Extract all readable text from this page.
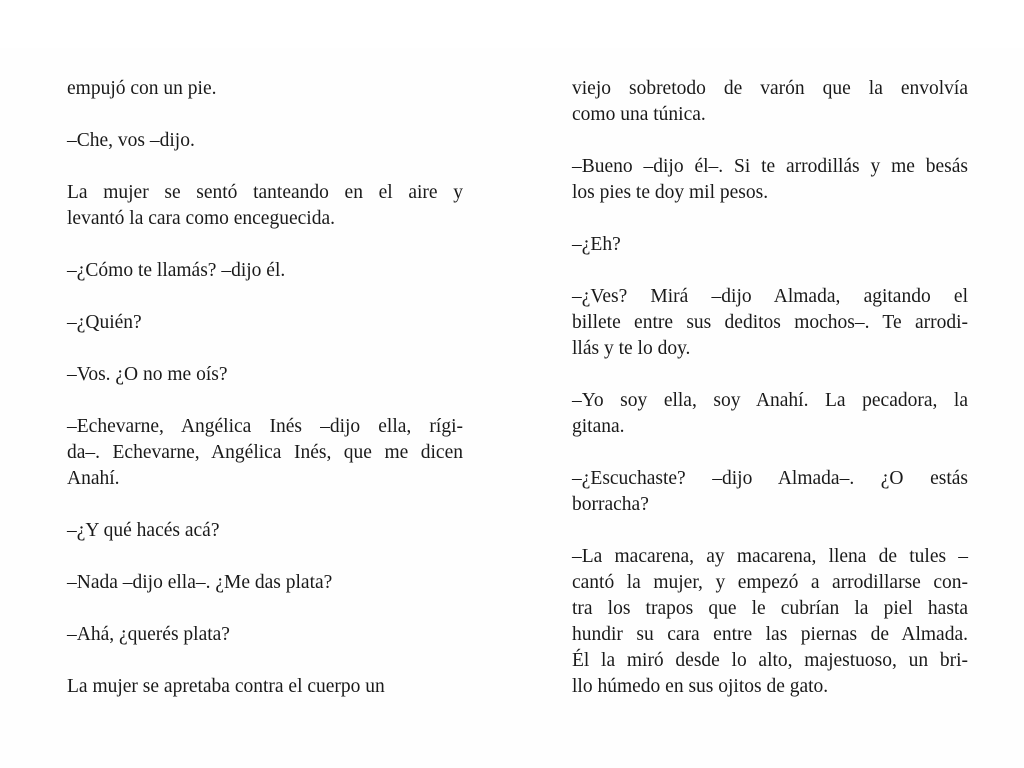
empujó con un pie.

–Che, vos –dijo.

La mujer se sentó tanteando en el aire y
levantó la cara como enceguecida.

–¿Cómo te llamás? –dijo él.

–¿Quién?

–Vos. ¿O no me oís?

–Echevarne, Angélica Inés –dijo ella, rígi-
da–. Echevarne, Angélica Inés, que me dicen
Anahí.

–¿Y qué hacés acá?

–Nada –dijo ella–. ¿Me das plata?

–Ahá, ¿querés plata?

La mujer se apretaba contra el cuerpo un

viejo sobretodo de varón que la envolvía
como una túnica.

–Bueno –dijo él–. Si te arrodillás y me besás
los pies te doy mil pesos.

–¿Eh?

–¿Ves? Mirá –dijo Almada, agitando el
billete entre sus deditos mochos–. Te arrodi-
llás y te lo doy.

–Yo soy ella, soy Anahí. La pecadora, la
gitana.

–¿Escuchaste? –dijo Almada–. ¿O estás
borracha?

–La macarena, ay macarena, llena de tules –
cantó la mujer, y empezó a arrodillarse con-
tra los trapos que le cubrían la piel hasta
hundir su cara entre las piernas de Almada.
Él la miró desde lo alto, majestuoso, un bri-
llo húmedo en sus ojitos de gato.
